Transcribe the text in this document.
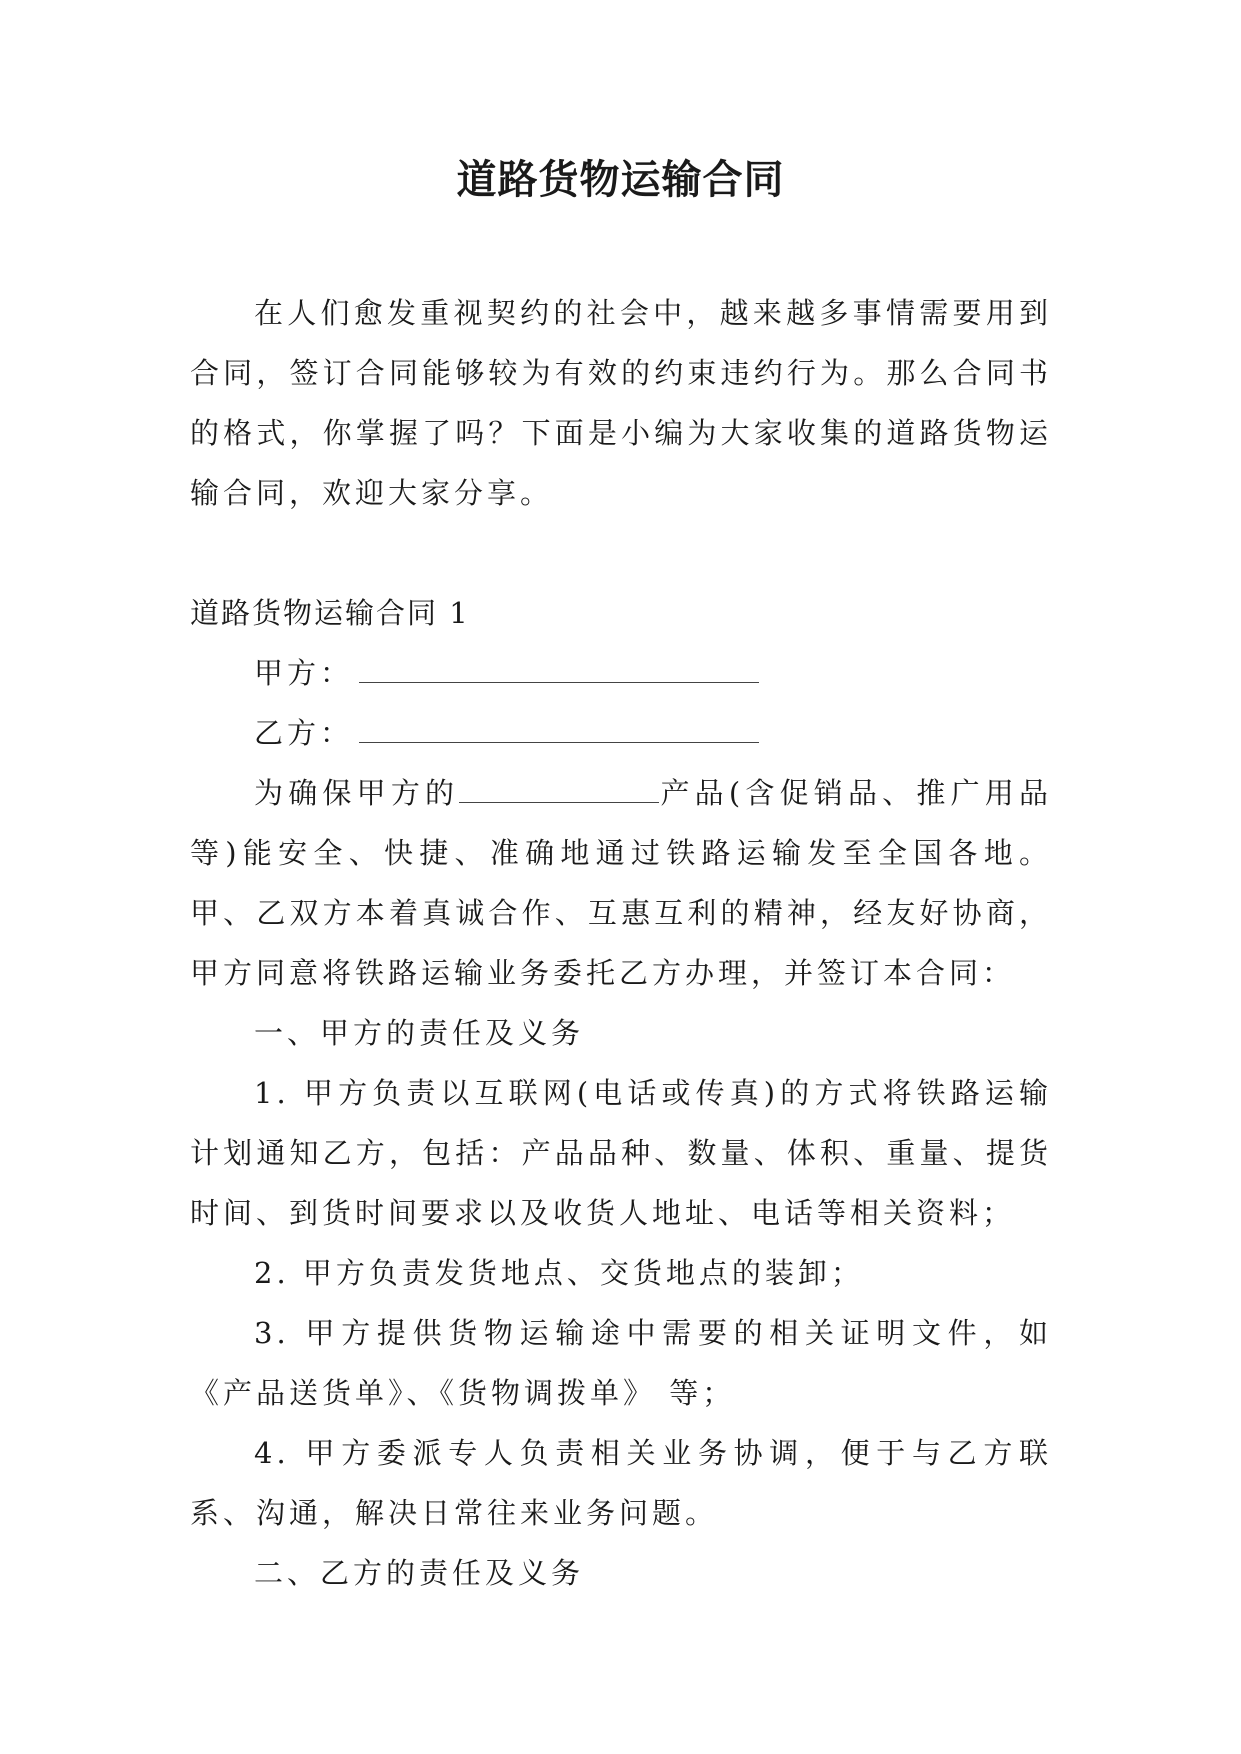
道路货物运输合同

在人们愈发重视契约的社会中，越来越多事情需要用到合同，签订合同能够较为有效的约束违约行为。那么合同书的格式，你掌握了吗？下面是小编为大家收集的道路货物运输合同，欢迎大家分享。

道路货物运输合同 1

甲方：

乙方：

为确保甲方的	产品(含促销品、推广用品等)能安全、快捷、准确地通过铁路运输发至全国各地。甲、乙双方本着真诚合作、互惠互利的精神，经友好协商，甲方同意将铁路运输业务委托乙方办理，并签订本合同：

一、甲方的责任及义务

1. 甲方负责以互联网(电话或传真)的方式将铁路运输计划通知乙方，包括：产品品种、数量、体积、重量、提货时间、到货时间要求以及收货人地址、电话等相关资料；

2. 甲方负责发货地点、交货地点的装卸；

3. 甲方提供货物运输途中需要的相关证明文件，如《产品送货单》、《货物调拨单》 等；

4. 甲方委派专人负责相关业务协调，便于与乙方联系、沟通，解决日常往来业务问题。

二、乙方的责任及义务
